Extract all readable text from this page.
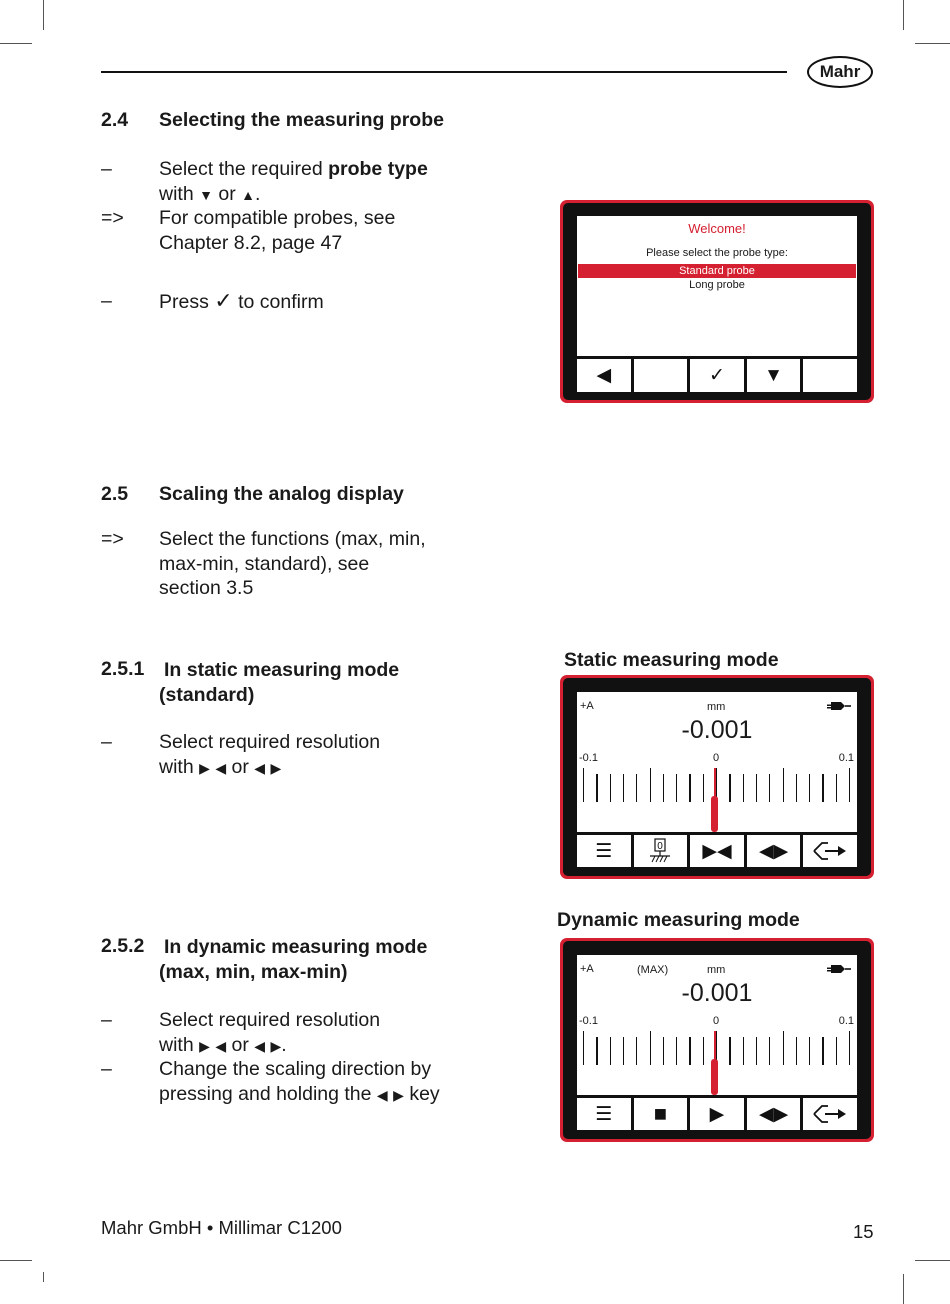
Mahr
2.4 Selecting the measuring probe
– Select the required probe type
with ▼ or ▲.
=> For compatible probes, see
Chapter 8.2, page 47
– Press ✓ to confirm
Welcome!
Please select the probe type:
Standard probe
Long probe
◀	✓	▼
2.5 Scaling the analog display
=> Select the functions (max, min,
max-min, standard), see
section 3.5
2.5.1 In static measuring mode
(standard)
– Select required resolution
with ▶ ◀ or ◀ ▶
Static measuring mode
+A	mm
-0.001
-0.1	0	0.1
☰	0	▶◀	◀▶
Dynamic measuring mode
2.5.2 In dynamic measuring mode
(max, min, max-min)
– Select required resolution
with ▶ ◀ or ◀ ▶.
– Change the scaling direction by
pressing and holding the ◀ ▶ key
+A	(MAX)	mm
-0.001
-0.1	0	0.1
☰	■	▶	◀▶
Mahr GmbH • Millimar C1200	15
